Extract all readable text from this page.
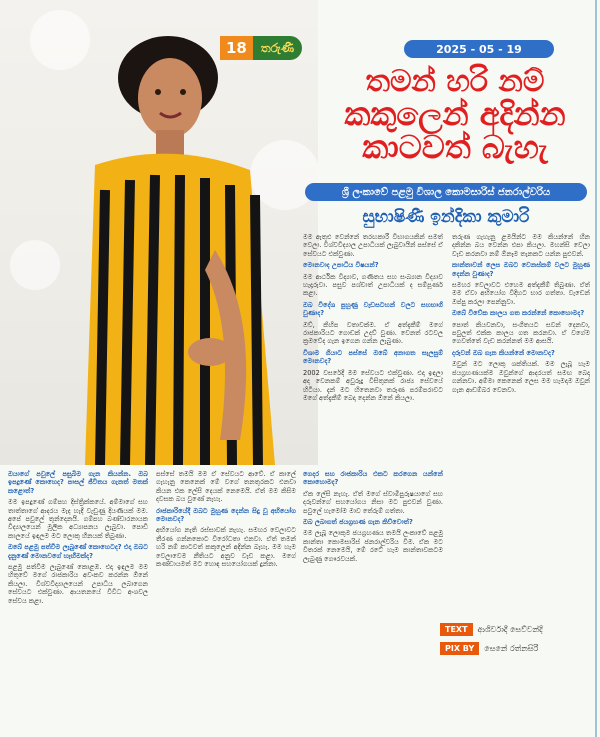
18	තරුණී	2025 - 05 - 19
තමන් හරි නම්
කකුලෙන් අදින්න
කාටවත් බැහැ
ශ්‍රී ලංකාවේ පළමු විශාල කොමසාරිස් ජනරාල්වරිය
සුභාෂිණී ඉන්දිකා කුමාරි

මම ඇතුළු වෙන්නේ තරඟකාරී විභාගයකින් සමත් වෙලා. විශ්වවිද්‍යාල උපාධියක් ලැබුවායින් පස්සේ ඒ සේවයට එක්වුණා.

මොනවාද උපාධිය විෂයන්?

මම ආර්ථික විද්‍යාව, ගණිතය සහ සංඛ්‍යාන විද්‍යාව හැදෑරුවා. පසුව පශ්චාත් උපාධියක් ද සම්පූර්ණ කළා.

ඔබ විදේශ පුහුණු වැඩසටහන් වලට සහභාගි වුණාද?

ඔව්, කිහිප වතාවක්ම. ඒ අත්දැකීම් මගේ රාජකාරියට ගොඩක් උදව් වුණා. වෙනත් රටවල ක්‍රමවේද ගැන ඉගෙන ගන්න ලැබුණා.

විශාම ගියාට පස්සේ ඔබේ අනාගත සැලසුම් මොනවද?

2002 වසරේදී මම සේවයට එක්වුණා. එදා ඉඳලා අද වෙනකම් අවුරුදු විසිතුනක් රාජ්‍ය සේවයේ හිටියා. දැන් මට හිතෙනවා තරුණ පරම්පරාවට මගේ අත්දැකීම් බෙදා දෙන්න ඕනේ කියලා.

තරුණ ගැහැනු ළමයින්ට මම කියන්නේ හීන දකින්න බය වෙන්න එපා කියලා. මහන්සි වෙලා වැඩ කරනවා නම් ඕනෑම තැනකට යන්න පුළුවන්.

කාන්තාවන් ලෙස ඔබට වෙනස්කම් වලට මුහුණ දෙන්න වුණාද?

සමහර වෙලාවට එහෙම අත්දැකීම් තිබුණා. ඒත් මම ඒවා අභියෝග විදිහට භාර ගත්තා. වැඩෙන් ඔප්පු කරලා පෙන්නුවා.

ඔබේ විවේක කාලය ගත කරන්නේ කොහොමද?

පොත් කියවනවා, සංගීතයට සවන් දෙනවා, පවුලත් එක්ක කාලය ගත කරනවා. ඒ වගේම ගෙවත්තේ වැඩ කරන්නත් මම ආසයි.

දරුවන් ඔබ ගැන කියන්නේ මොනවද?

ඔවුන් මට ලොකු ශක්තියක්. මම ලැබූ හැම ජයග්‍රහණයක්ම ඔවුන්ගේ ආදරයත් සමඟ බෙදා ගන්නවා. අම්මා කෙනෙක් ලෙස මම හැමදාම ඔවුන් ගැන ආඩම්බර වෙනවා.

ගෙදර සහ රාජකාරිය එකට කරගෙන යන්නේ කොහොමද?

ඒක ලේසි නැහැ. ඒත් මගේ ස්වාමිපුරුෂයාගේ සහ දරුවන්ගේ සහයෝගය නිසා මට පුළුවන් වුණා. පවුලේ හැමෝම මාව තේරුම් ගත්තා.

ඔබ ලබාගත් ජයග්‍රහණ ගැන කිව්වොත්?

මම ලැබූ ලොකුම ජයග්‍රහණය තමයි ලංකාවේ පළමු කාන්තා කොමසාරිස් ජනරාල්වරිය වීම. ඒක මට විතරක් නෙමෙයි, මේ රටේ හැම කාන්තාවකටම ලැබුණු ගෞරවයක්.

ඔයාගේ පවුලේ පසුබිම ගැන කියන්න. ඔබ ඉපදුණේ කොහෙද? පාසල් ජීවිතය ගැනත් මතක් කළොත්?

මම ඉපදුණේ ගම්පහ දිස්ත්‍රික්කයේ. අම්මාගේ සහ තාත්තාගේ ආදරය මැද හැදී වැඩුණු දියණියක් මම. අපේ පවුලේ තුන්දෙනයි. ගම්පහ බණ්ඩාරනායක විද්‍යාලයෙන් මූලික අධ්‍යාපනය ලැබුවා. පොඩි කාලයේ ඉඳලම මට ලොකු හීනයක් තිබුණා.

ඔබේ පළමු පත්වීම ලැබුණේ කොහෙටද? එදා ඔබට දැනුණේ මොනවගේ හැඟීමක්ද?

පළමු පත්වීම ලැබුණේ කොළඹ. එදා ඉඳලම මම හිතුවේ මගේ රාජකාරිය අවංකව කරන්න ඕනේ කියලා. විශ්වවිද්‍යාලයෙන් උපාධිය ලබාගෙන සේවයට එක්වුණා. ආයතනයේ විවිධ අංශවල සේවය කළා.

පස්සේ තමයි මම ඒ සේවයට ආවේ. ඒ කාලේ ගැහැනු කෙනෙක් මේ වගේ තනතුරකට එනවා කියන එක ලේසි දෙයක් නෙමෙයි. ඒත් මම කිසිම දවසක බය වුණේ නැහැ.

රාජකාරියේදී ඔබට මුහුණ දෙන්න සිදු වූ අභියෝග මොනවද?

අභියෝග නැති රස්සාවක් නැහැ. සමහර වෙලාවට තීරණ ගන්නකොට විරෝධතා එනවා. ඒත් තමන් හරි නම් කාටවත් කකුලෙන් අදින්න බැහැ. මම හැම වෙලාවෙම නීතියට අනුව වැඩ කළා. මගේ කණ්ඩායමත් මට හොඳ සහයෝගයක් දුන්නා.

TEXT	ආශිර්වාදී සෙව්වන්දි
PIX BY	සෙනේ රත්නසිරි
